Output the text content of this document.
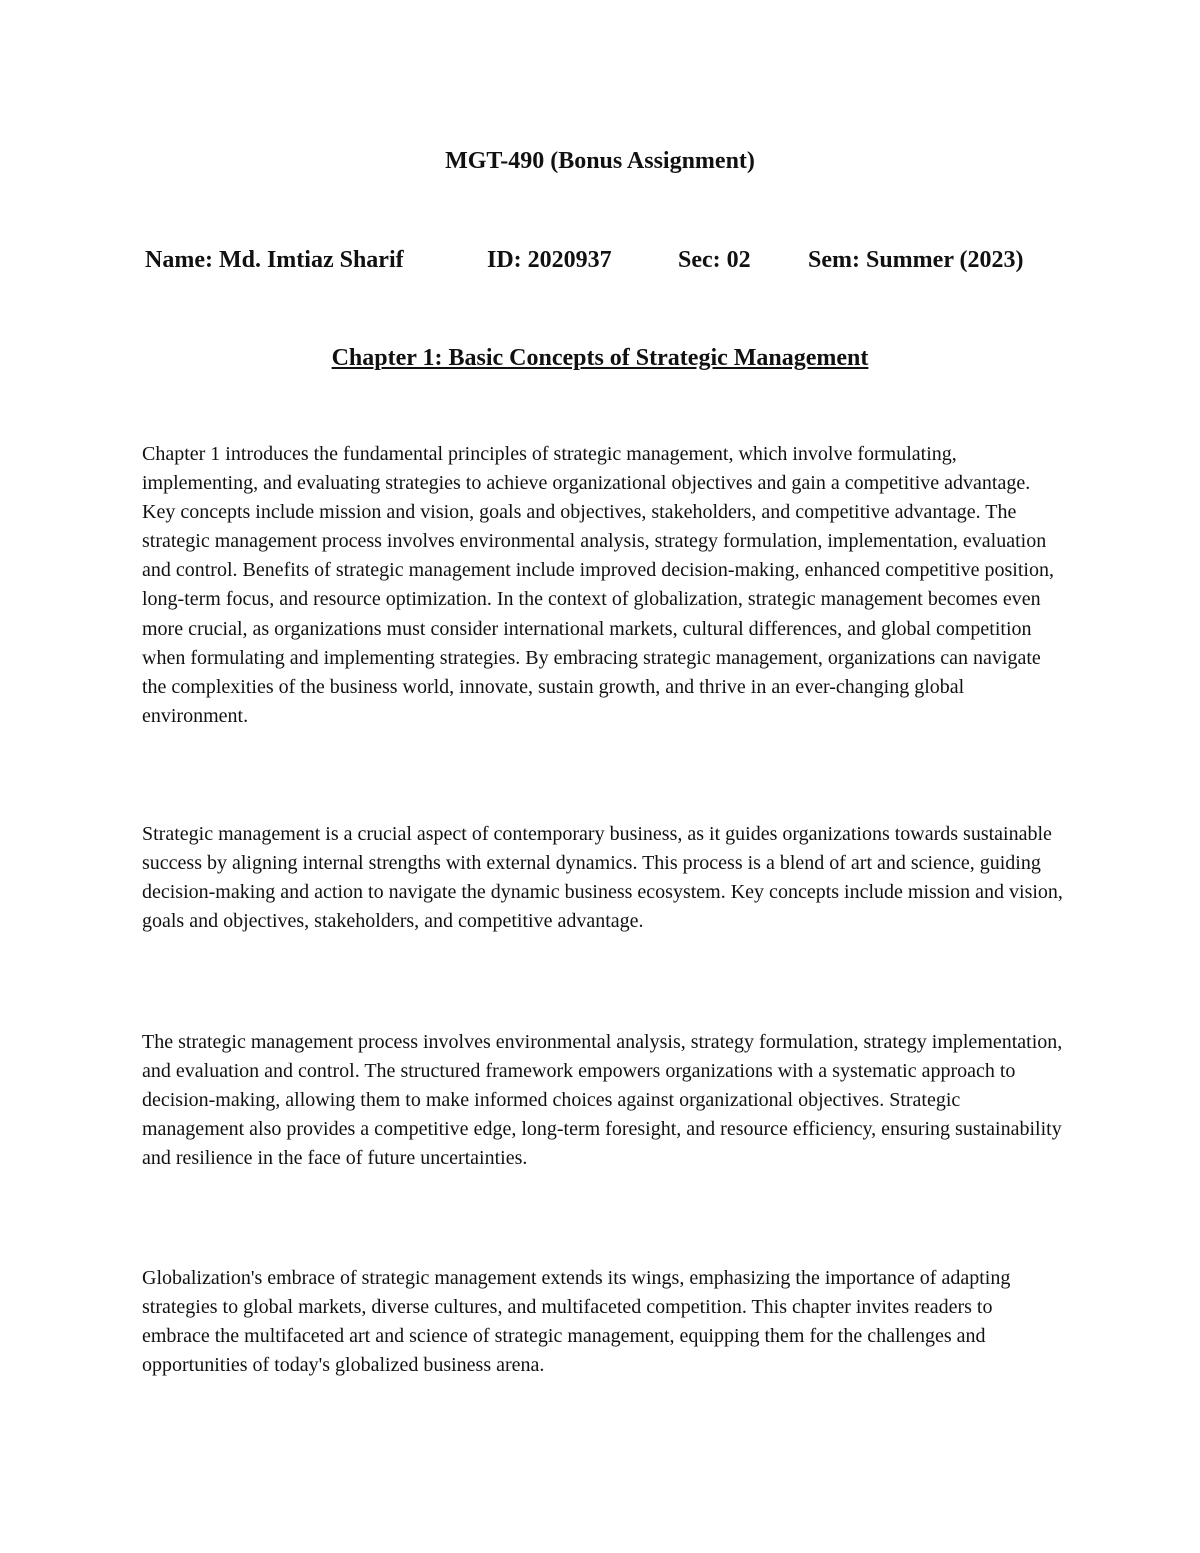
MGT-490 (Bonus Assignment)
Name: Md. Imtiaz Sharif	ID: 2020937	Sec: 02 Sem: Summer (2023)
Chapter 1: Basic Concepts of Strategic Management

Chapter 1 introduces the fundamental principles of strategic management, which involve formulating, implementing, and evaluating strategies to achieve organizational objectives and gain a competitive advantage. Key concepts include mission and vision, goals and objectives, stakeholders, and competitive advantage. The strategic management process involves environmental analysis, strategy formulation, implementation, evaluation and control. Benefits of strategic management include improved decision-making, enhanced competitive position, long-term focus, and resource optimization. In the context of globalization, strategic management becomes even more crucial, as organizations must consider international markets, cultural differences, and global competition when formulating and implementing strategies. By embracing strategic management, organizations can navigate the complexities of the business world, innovate, sustain growth, and thrive in an ever-changing global environment.

Strategic management is a crucial aspect of contemporary business, as it guides organizations towards sustainable success by aligning internal strengths with external dynamics. This process is a blend of art and science, guiding decision-making and action to navigate the dynamic business ecosystem. Key concepts include mission and vision, goals and objectives, stakeholders, and competitive advantage.

The strategic management process involves environmental analysis, strategy formulation, strategy implementation, and evaluation and control. The structured framework empowers organizations with a systematic approach to decision-making, allowing them to make informed choices against organizational objectives. Strategic management also provides a competitive edge, long-term foresight, and resource efficiency, ensuring sustainability and resilience in the face of future uncertainties.

Globalization's embrace of strategic management extends its wings, emphasizing the importance of adapting strategies to global markets, diverse cultures, and multifaceted competition. This chapter invites readers to embrace the multifaceted art and science of strategic management, equipping them for the challenges and opportunities of today's globalized business arena.
